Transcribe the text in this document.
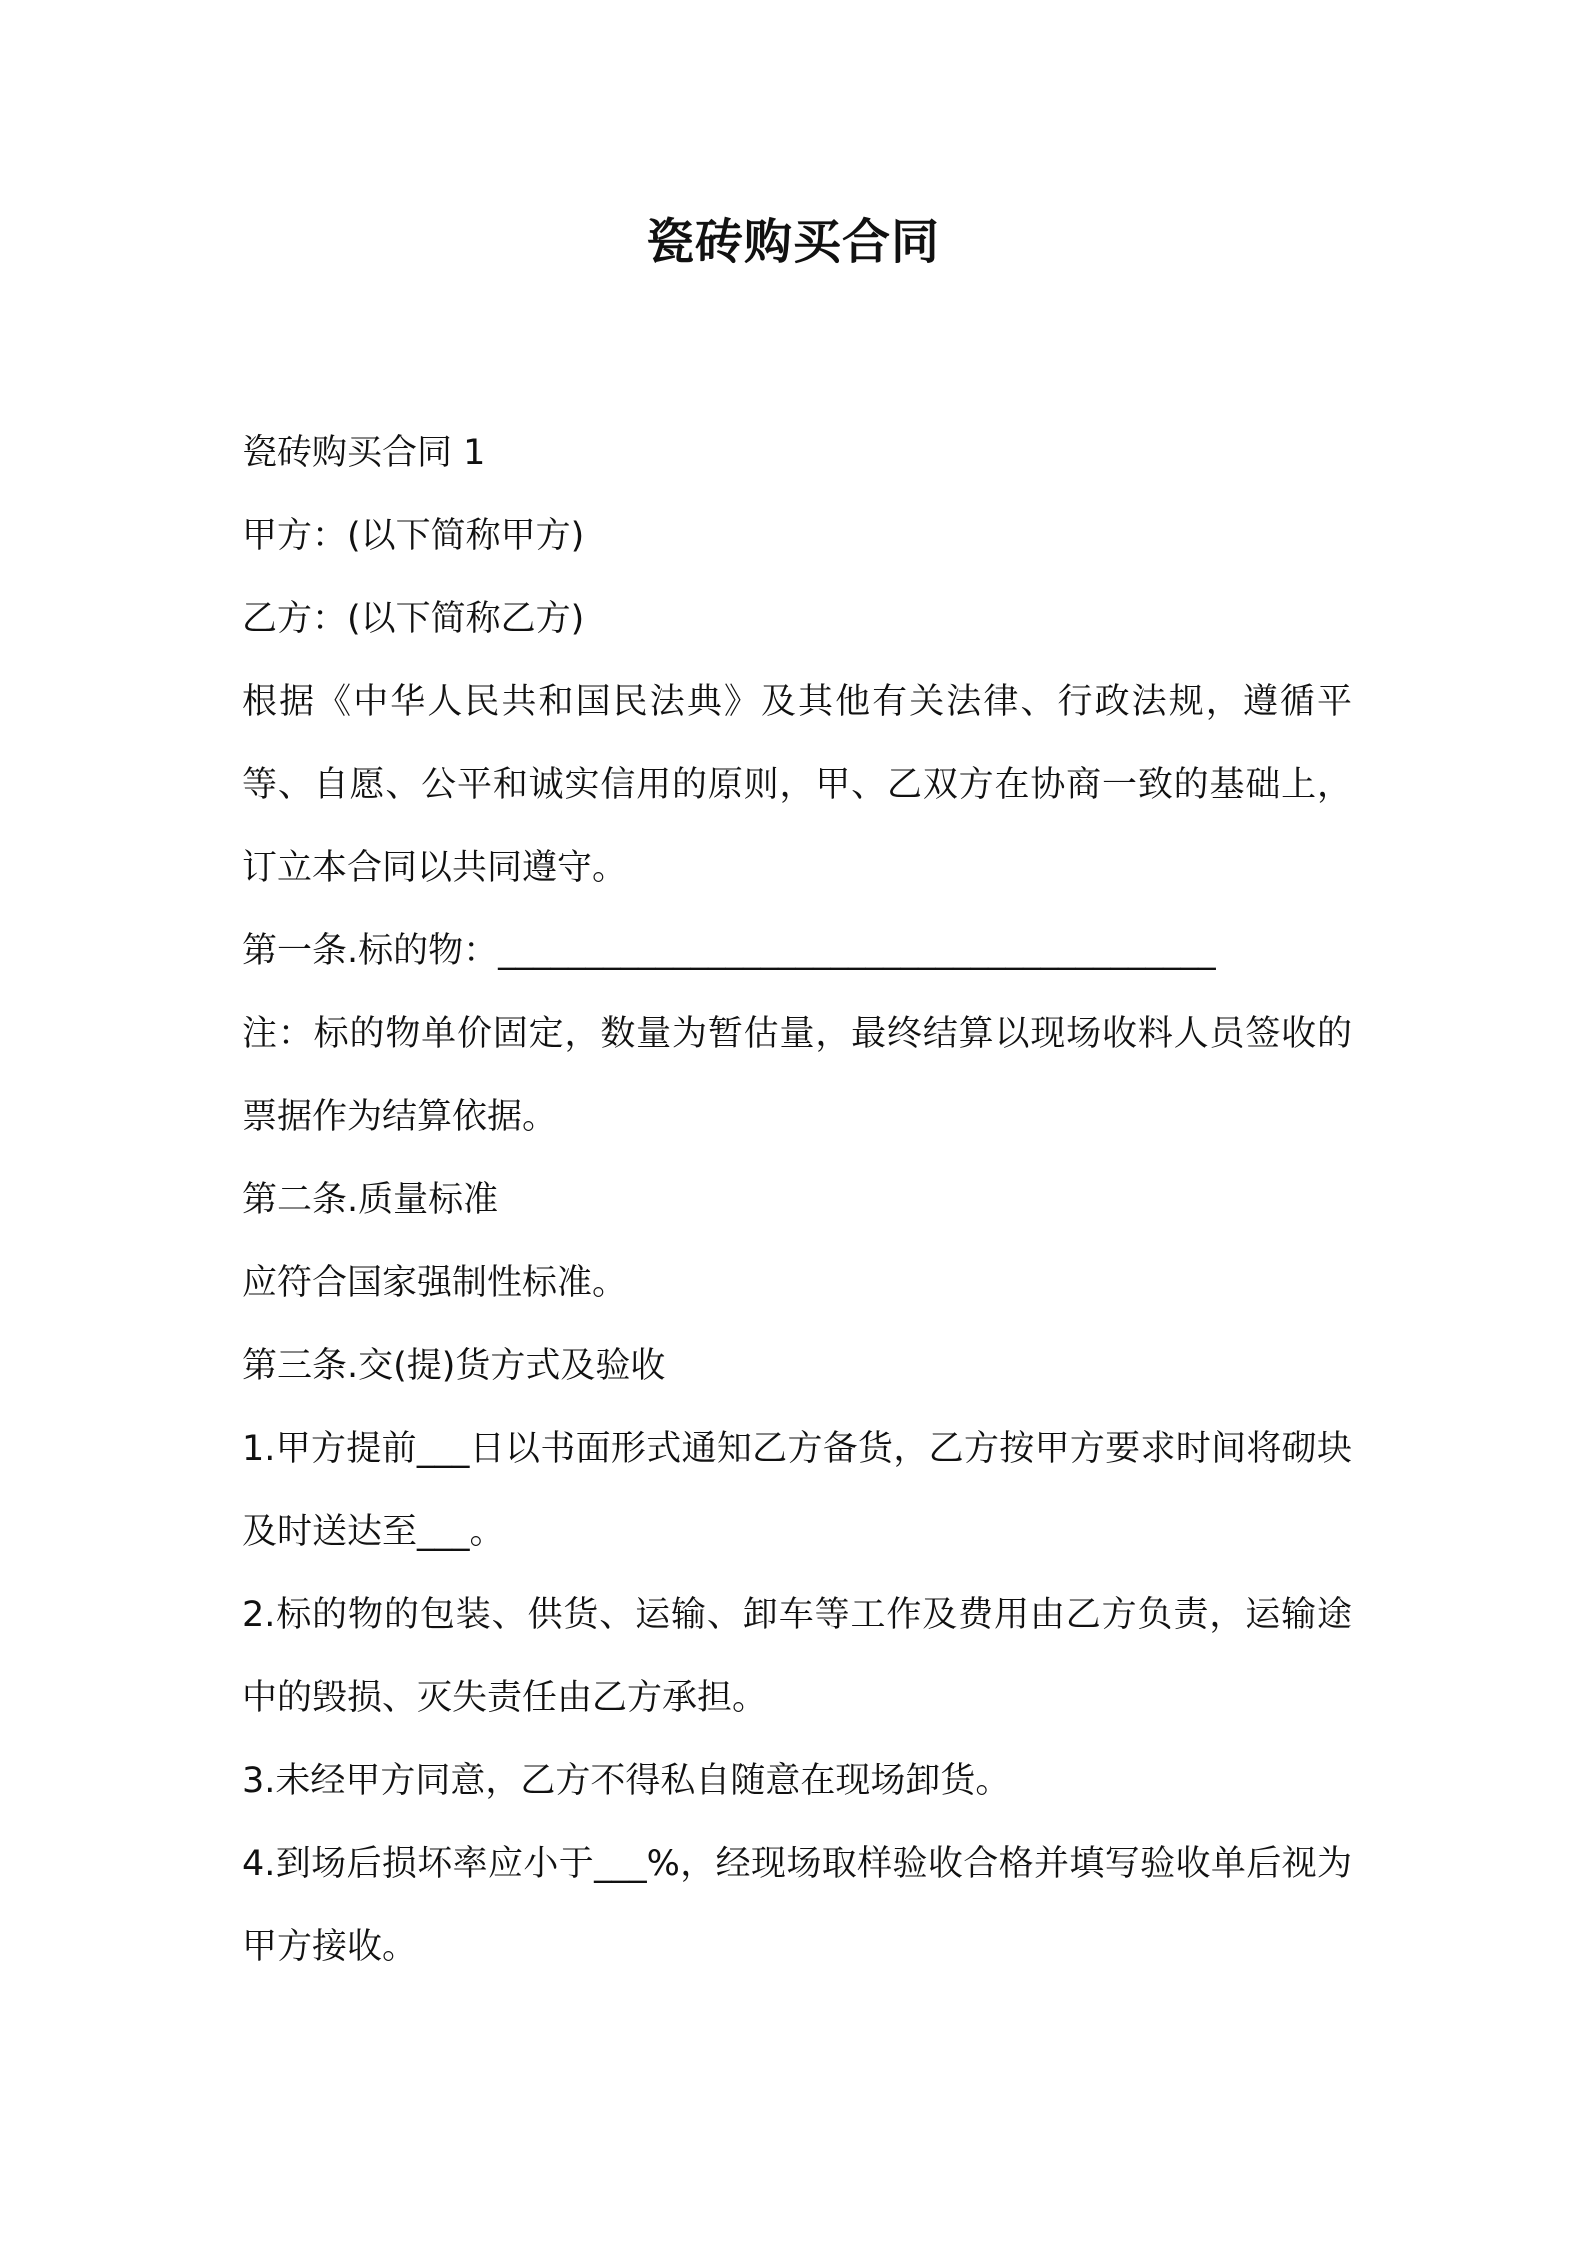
瓷砖购买合同

瓷砖购买合同 1

甲方：(以下简称甲方)

乙方：(以下简称乙方)

根据《中华人民共和国民法典》及其他有关法律、行政法规，遵循平等、自愿、公平和诚实信用的原则，甲、乙双方在协商一致的基础上，订立本合同以共同遵守。

第一条.标的物：_________________________________________

注：标的物单价固定，数量为暂估量，最终结算以现场收料人员签收的票据作为结算依据。

第二条.质量标准

应符合国家强制性标准。

第三条.交(提)货方式及验收

1.甲方提前___日以书面形式通知乙方备货，乙方按甲方要求时间将砌块及时送达至___。

2.标的物的包装、供货、运输、卸车等工作及费用由乙方负责，运输途中的毁损、灭失责任由乙方承担。

3.未经甲方同意，乙方不得私自随意在现场卸货。

4.到场后损坏率应小于___%，经现场取样验收合格并填写验收单后视为甲方接收。
